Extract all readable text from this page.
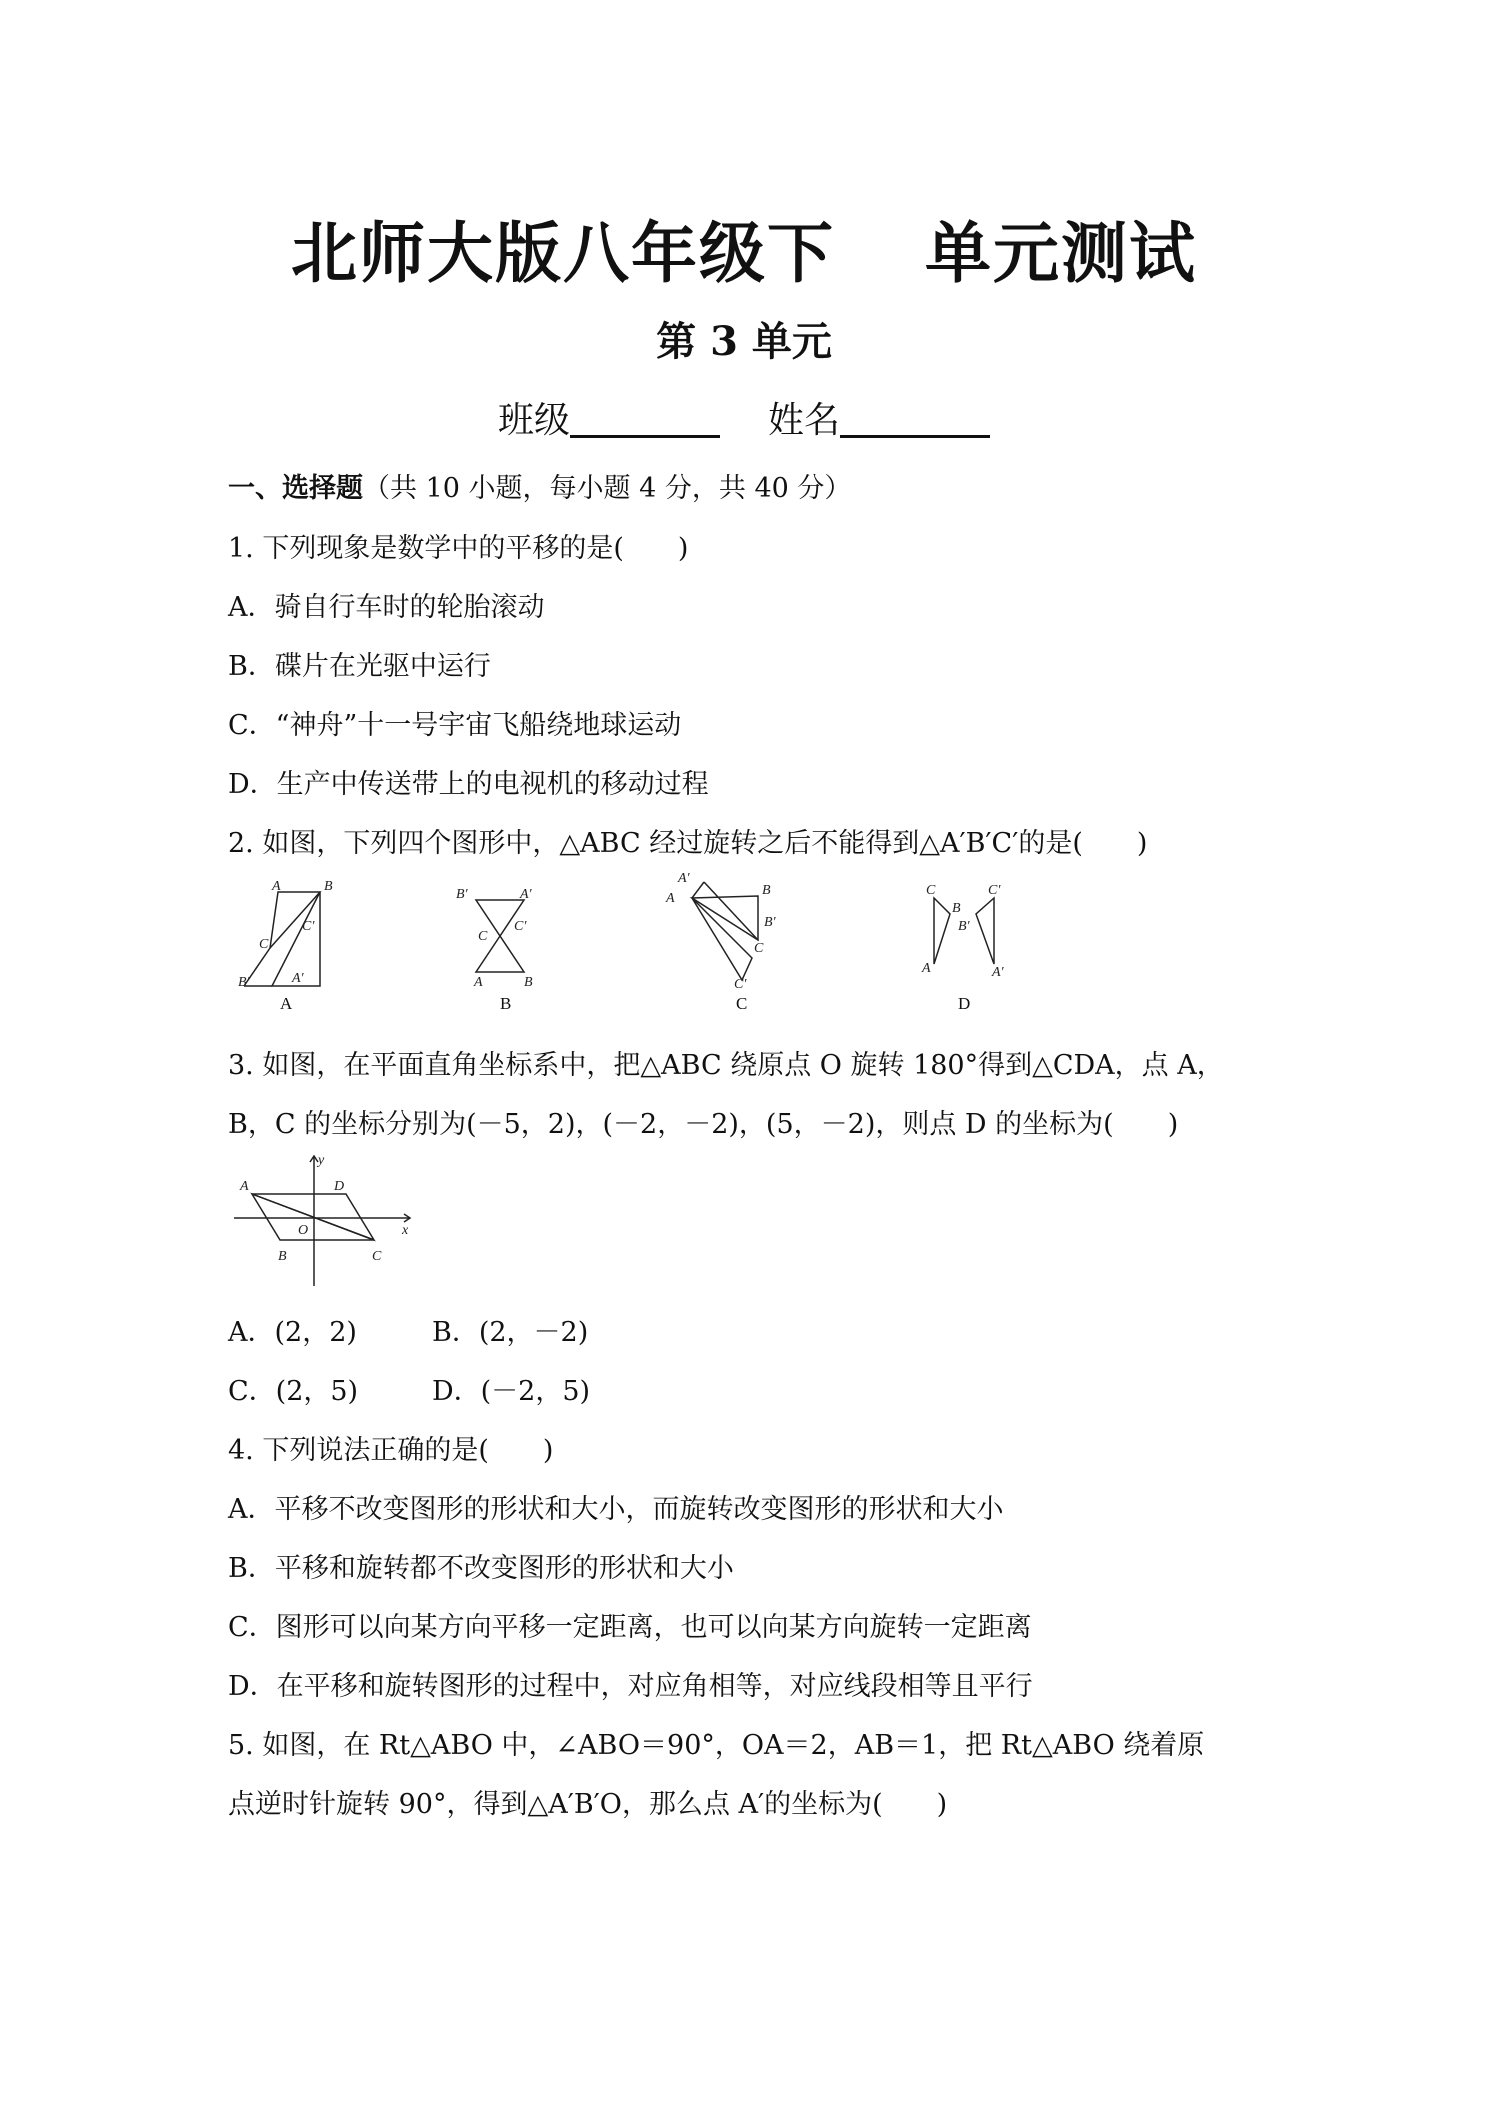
北师大版八年级下 单元测试
第 3 单元
班级	姓名
一、选择题（共 10 小题，每小题 4 分，共 40 分）
1. 下列现象是数学中的平移的是(　　)
A．骑自行车时的轮胎滚动
B．碟片在光驱中运行
C．“神舟”十一号宇宙飞船绕地球运动
D．生产中传送带上的电视机的移动过程
2. 如图，下列四个图形中，△ABC 经过旋转之后不能得到△A′B′C′的是(　　)
A	B
C
C′
B′	A′
A
B′	A′
C
C′
A	B
B
A′
A
B
B′
C
C′
C
C
B
C′
B′
A	A′
D
3. 如图，在平面直角坐标系中，把△ABC 绕原点 O 旋转 180°得到△CDA，点 A，
B，C 的坐标分别为(－5，2)，(－2，－2)，(5，－2)，则点 D 的坐标为(　　)
y
x
A	D
O
B	C
A．(2，2)	B．(2，－2)
C．(2，5)	D．(－2，5)
4. 下列说法正确的是(　　)
A．平移不改变图形的形状和大小，而旋转改变图形的形状和大小
B．平移和旋转都不改变图形的形状和大小
C．图形可以向某方向平移一定距离，也可以向某方向旋转一定距离
D．在平移和旋转图形的过程中，对应角相等，对应线段相等且平行
5. 如图，在 Rt△ABO 中，∠ABO＝90°，OA＝2，AB＝1，把 Rt△ABO 绕着原
点逆时针旋转 90°，得到△A′B′O，那么点 A′的坐标为(　　)
